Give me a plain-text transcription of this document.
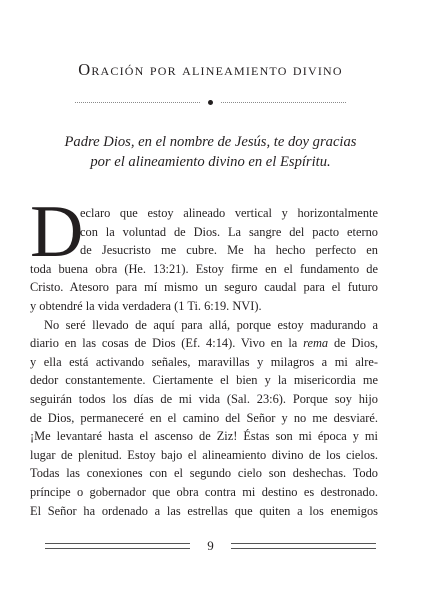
Oración por alineamiento divino
Padre Dios, en el nombre de Jesús, te doy gracias
por el alineamiento divino en el Espíritu.
D
eclaro que estoy alineado vertical y horizontalmente
con la voluntad de Dios. La sangre del pacto eterno
de Jesucristo me cubre. Me ha hecho perfecto en
toda buena obra (He. 13:21). Estoy firme en el fundamento de
Cristo. Atesoro para mí mismo un seguro caudal para el futuro
y obtendré la vida verdadera (1 Ti. 6:19. NVI).
No seré llevado de aquí para allá, porque estoy madurando a
diario en las cosas de Dios (Ef. 4:14). Vivo en la rema de Dios,
y ella está activando señales, maravillas y milagros a mi alre-
dedor constantemente. Ciertamente el bien y la misericordia me
seguirán todos los días de mi vida (Sal. 23:6). Porque soy hijo
de Dios, permaneceré en el camino del Señor y no me desviaré.
¡Me levantaré hasta el ascenso de Ziz! Éstas son mi época y mi
lugar de plenitud. Estoy bajo el alineamiento divino de los cielos.
Todas las conexiones con el segundo cielo son deshechas. Todo
príncipe o gobernador que obra contra mi destino es destronado.
El Señor ha ordenado a las estrellas que quiten a los enemigos
9
